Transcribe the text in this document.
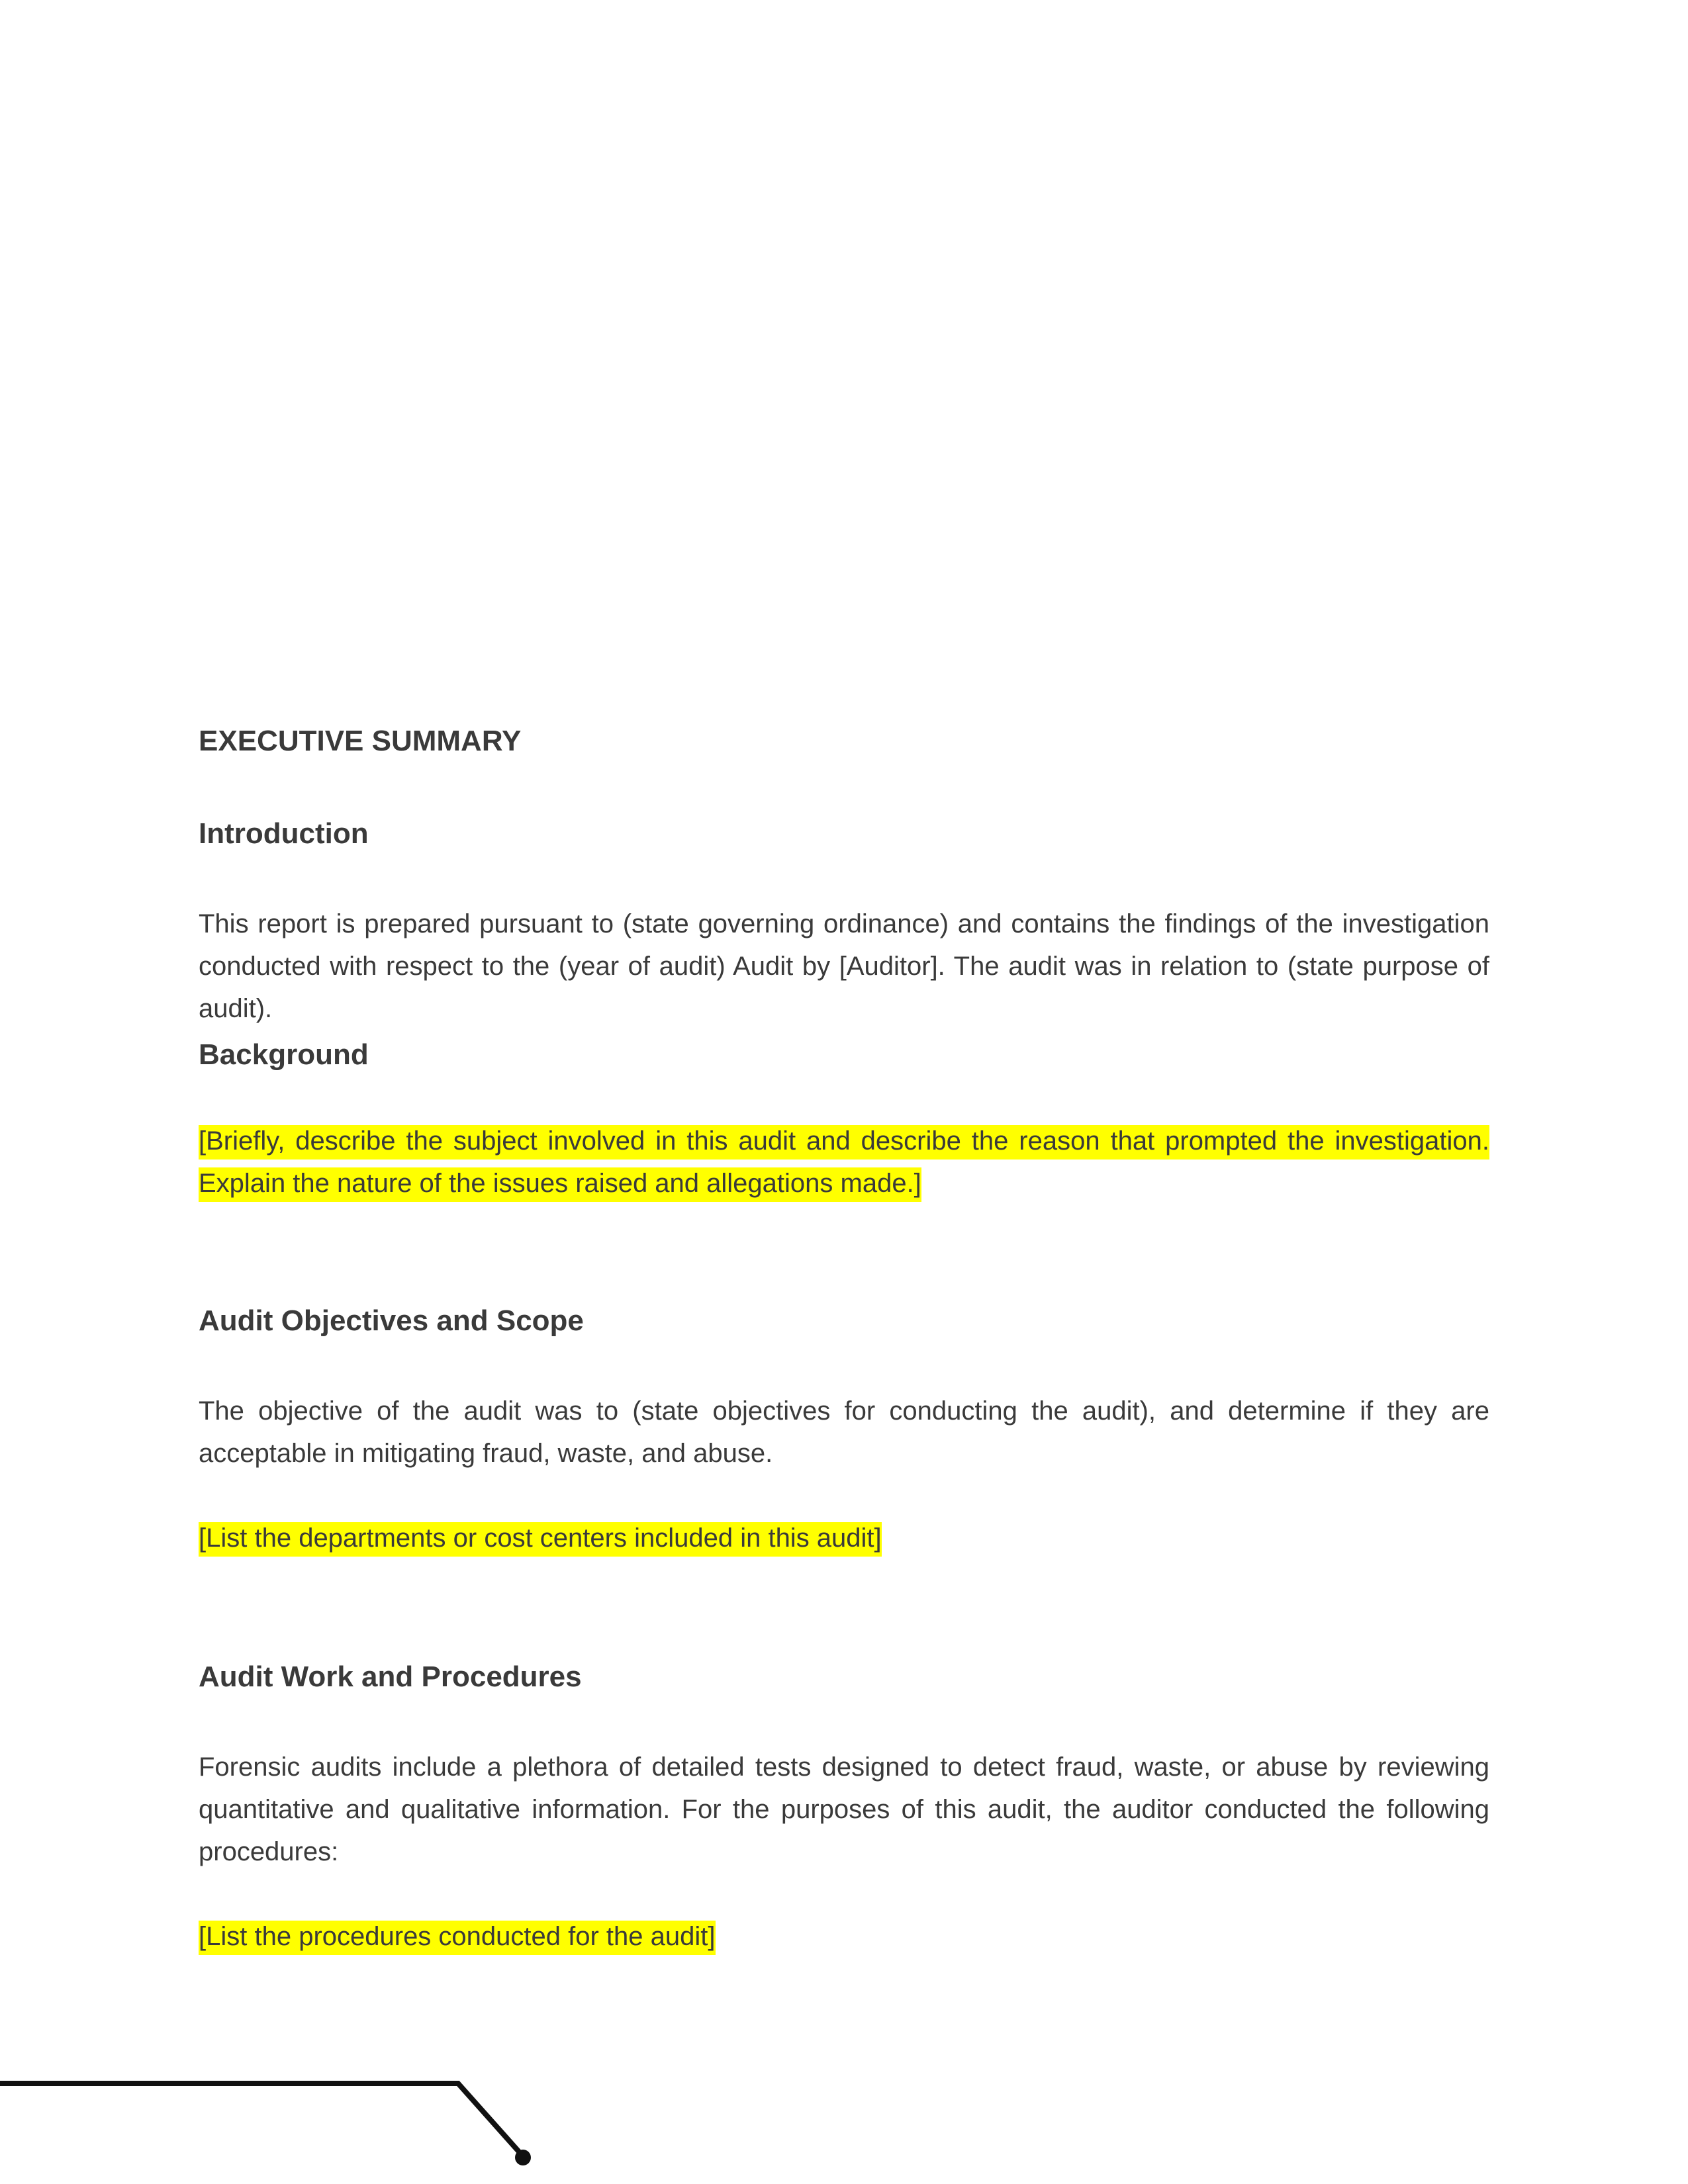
EXECUTIVE SUMMARY
Introduction

This report is prepared pursuant to (state governing ordinance) and contains the findings of the investigation conducted with respect to the (year of audit) Audit by [Auditor]. The audit was in relation to (state purpose of audit).

Background

[Briefly, describe the subject involved in this audit and describe the reason that prompted the investigation. Explain the nature of the issues raised and allegations made.]

Audit Objectives and Scope

The objective of the audit was to (state objectives for conducting the audit), and determine if they are acceptable in mitigating fraud, waste, and abuse.

[List the departments or cost centers included in this audit]

Audit Work and Procedures

Forensic audits include a plethora of detailed tests designed to detect fraud, waste, or abuse by reviewing quantitative and qualitative information. For the purposes of this audit, the auditor conducted the following procedures:

[List the procedures conducted for the audit]
